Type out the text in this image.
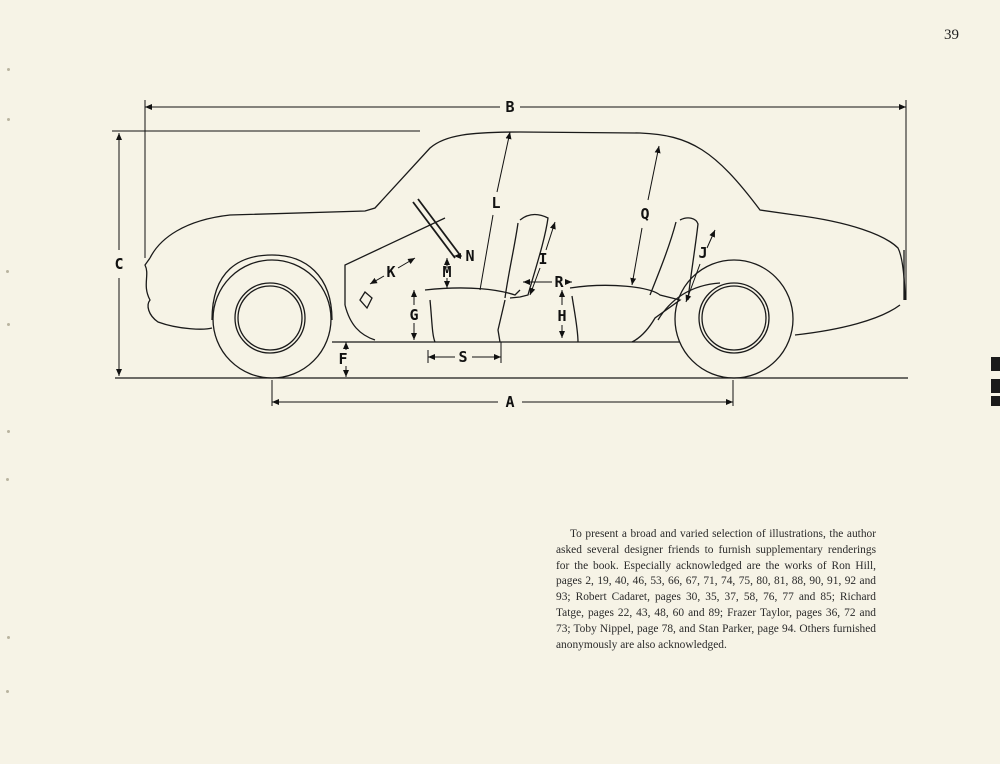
39
B
C
A
F
G
S
H
R
K	M
N
L
I
Q
J

To present a broad and varied selection of illustrations, the author asked several designer friends to furnish supplementary renderings for the book. Especially acknowledged are the works of Ron Hill, pages 2, 19, 40, 46, 53, 66, 67, 71, 74, 75, 80, 81, 88, 90, 91, 92 and 93; Robert Cadaret, pages 30, 35, 37, 58, 76, 77 and 85; Richard Tatge, pages 22, 43, 48, 60 and 89; Frazer Taylor, pages 36, 72 and 73; Toby Nippel, page 78, and Stan Parker, page 94. Others furnished anonymously are also acknowledged.
